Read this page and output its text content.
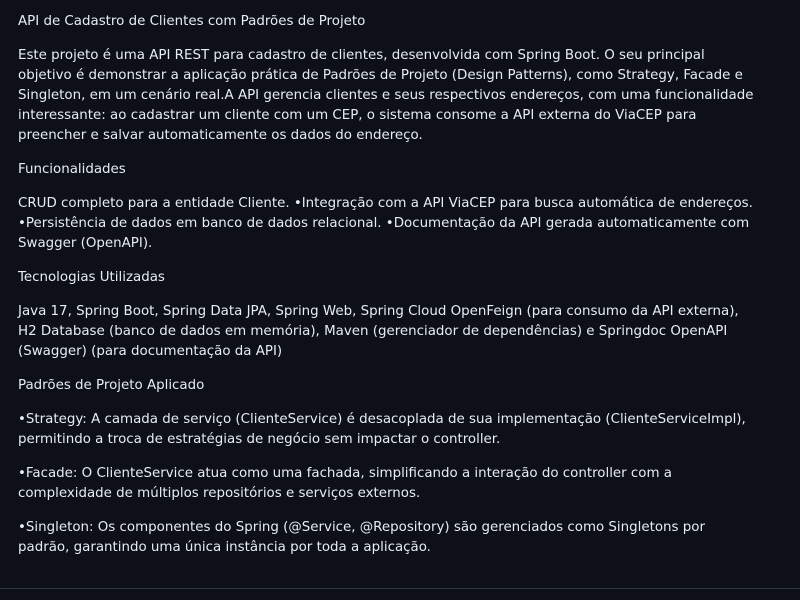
API de Cadastro de Clientes com Padrões de Projeto

Este projeto é uma API REST para cadastro de clientes, desenvolvida com Spring Boot. O seu principal objetivo é demonstrar a aplicação prática de Padrões de Projeto (Design Patterns), como Strategy, Facade e Singleton, em um cenário real.A API gerencia clientes e seus respectivos endereços, com uma funcionalidade interessante: ao cadastrar um cliente com um CEP, o sistema consome a API externa do ViaCEP para preencher e salvar automaticamente os dados do endereço.

Funcionalidades

CRUD completo para a entidade Cliente. •Integração com a API ViaCEP para busca automática de endereços. •Persistência de dados em banco de dados relacional. •Documentação da API gerada automaticamente com Swagger (OpenAPI).

Tecnologias Utilizadas

Java 17, Spring Boot, Spring Data JPA, Spring Web, Spring Cloud OpenFeign (para consumo da API externa), H2 Database (banco de dados em memória), Maven (gerenciador de dependências) e Springdoc OpenAPI (Swagger) (para documentação da API)

Padrões de Projeto Aplicado

•Strategy: A camada de serviço (ClienteService) é desacoplada de sua implementação (ClienteServiceImpl), permitindo a troca de estratégias de negócio sem impactar o controller.

•Facade: O ClienteService atua como uma fachada, simplificando a interação do controller com a complexidade de múltiplos repositórios e serviços externos.

•Singleton: Os componentes do Spring (@Service, @Repository) são gerenciados como Singletons por padrão, garantindo uma única instância por toda a aplicação.
